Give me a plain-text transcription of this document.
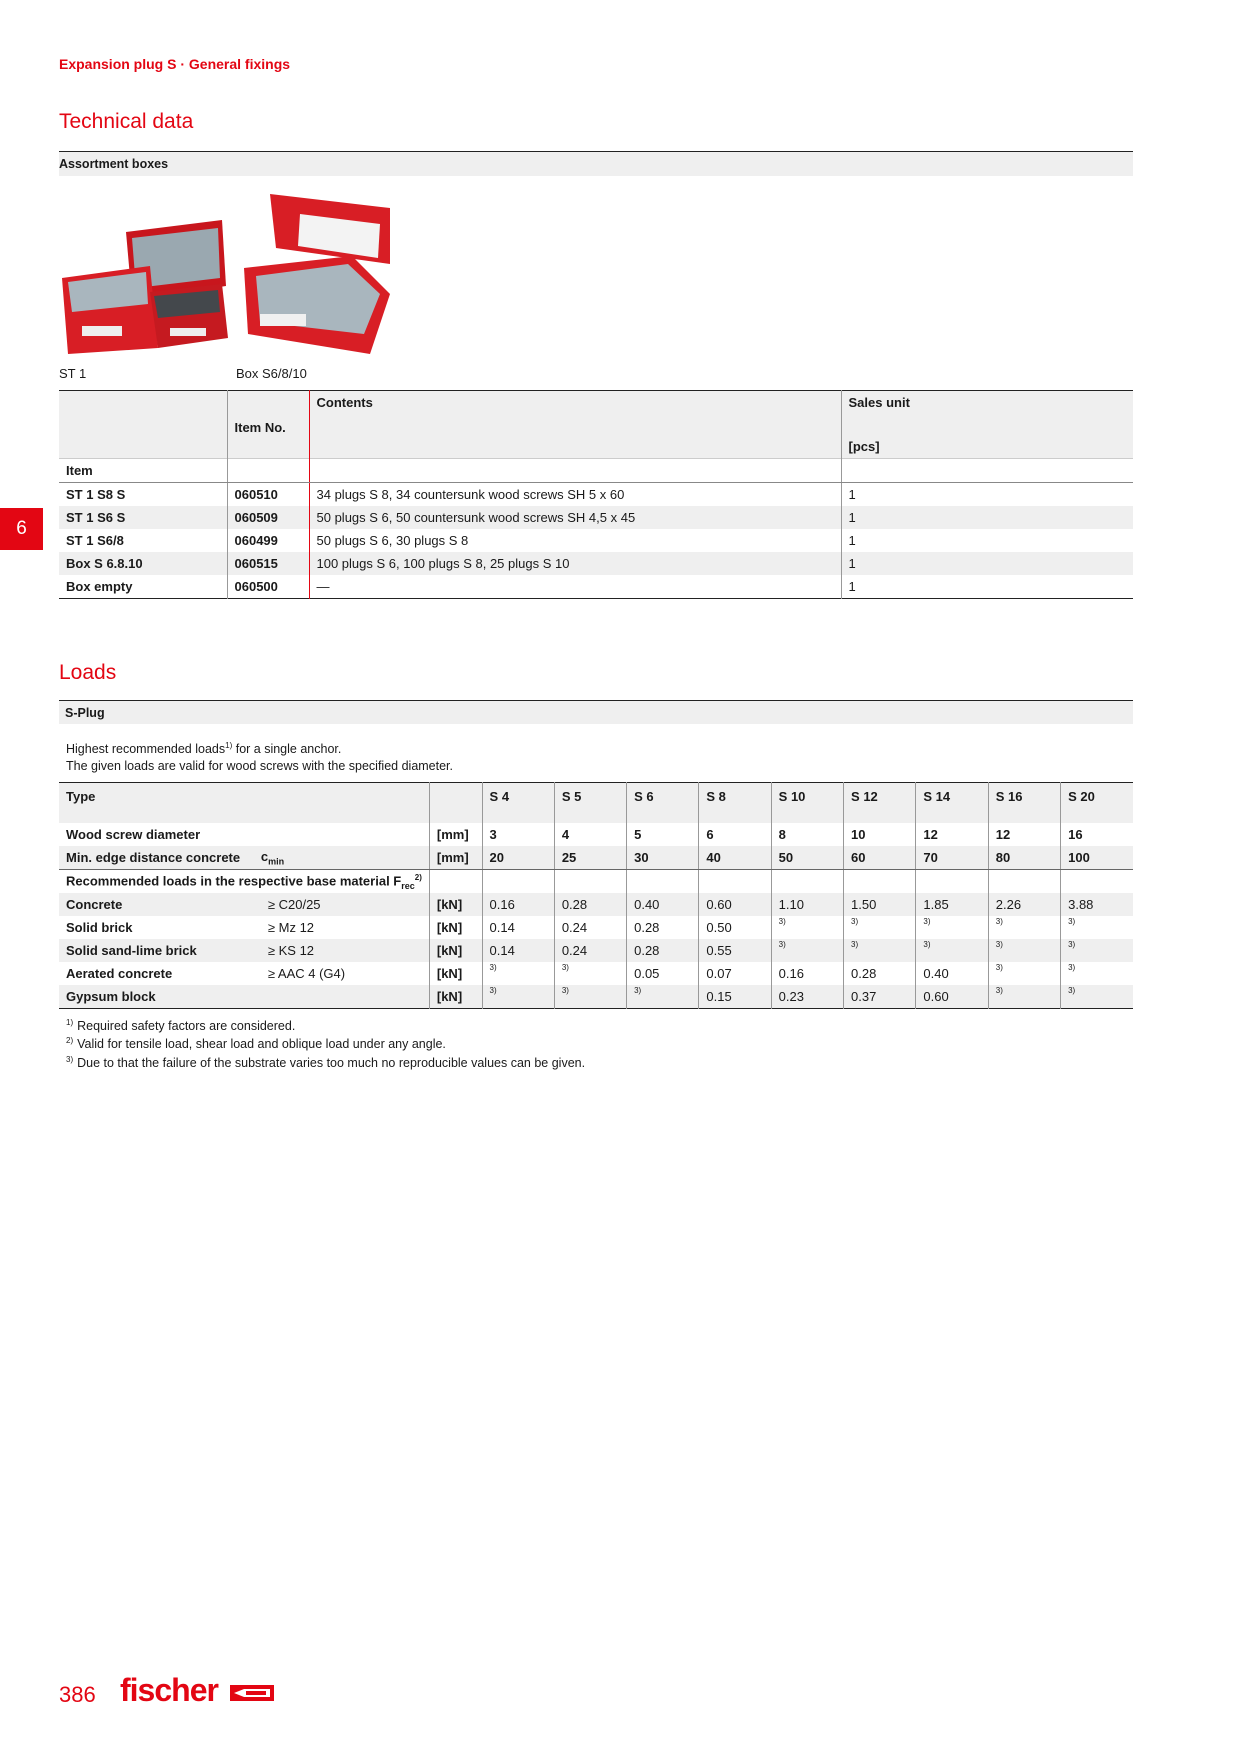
Expansion plug S · General fixings
Technical data
Assortment boxes
ST 1	Box S6/8/10
	Item No.	Contents	Sales unit
			[pcs]
Item			
ST 1 S8 S	060510	34 plugs S 8, 34 countersunk wood screws SH 5 x 60	1
ST 1 S6 S	060509	50 plugs S 6, 50 countersunk wood screws SH 4,5 x 45	1
ST 1 S6/8	060499	50 plugs S 6, 30 plugs S 8	1
Box S 6.8.10	060515	100 plugs S 6, 100 plugs S 8, 25 plugs S 10	1
Box empty	060500	—	1
Loads
S-Plug
Highest recommended loads$^{1)}$ for a single anchor.
The given loads are valid for wood screws with the specified diameter.
Type			S 4	S 5	S 6	S 8	S 10	S 12	S 14	S 16	S 20
Wood screw diameter		[mm]	3	4	5	6	8	10	12	12	16
Min. edge distance concrete	$c_{min}$	[mm]	20	25	30	40	50	60	70	80	100
Recommended loads in the respective base material $F_{rec}^{2)}$										
Concrete	≥ C20/25	[kN]	0.16	0.28	0.40	0.60	1.10	1.50	1.85	2.26	3.88
Solid brick	≥ Mz 12	[kN]	0.14	0.24	0.28	0.50	$^{3)}$	$^{3)}$	$^{3)}$	$^{3)}$	$^{3)}$
Solid sand-lime brick	≥ KS 12	[kN]	0.14	0.24	0.28	0.55	$^{3)}$	$^{3)}$	$^{3)}$	$^{3)}$	$^{3)}$
Aerated concrete	≥ AAC 4 (G4)	[kN]	$^{3)}$	$^{3)}$	0.05	0.07	0.16	0.28	0.40	$^{3)}$	$^{3)}$
Gypsum block		[kN]	$^{3)}$	$^{3)}$	$^{3)}$	0.15	0.23	0.37	0.60	$^{3)}$	$^{3)}$
$^{1)}$ Required safety factors are considered.
$^{2)}$ Valid for tensile load, shear load and oblique load under any angle.
$^{3)}$ Due to that the failure of the substrate varies too much no reproducible values can be given.
6
386 fischer
